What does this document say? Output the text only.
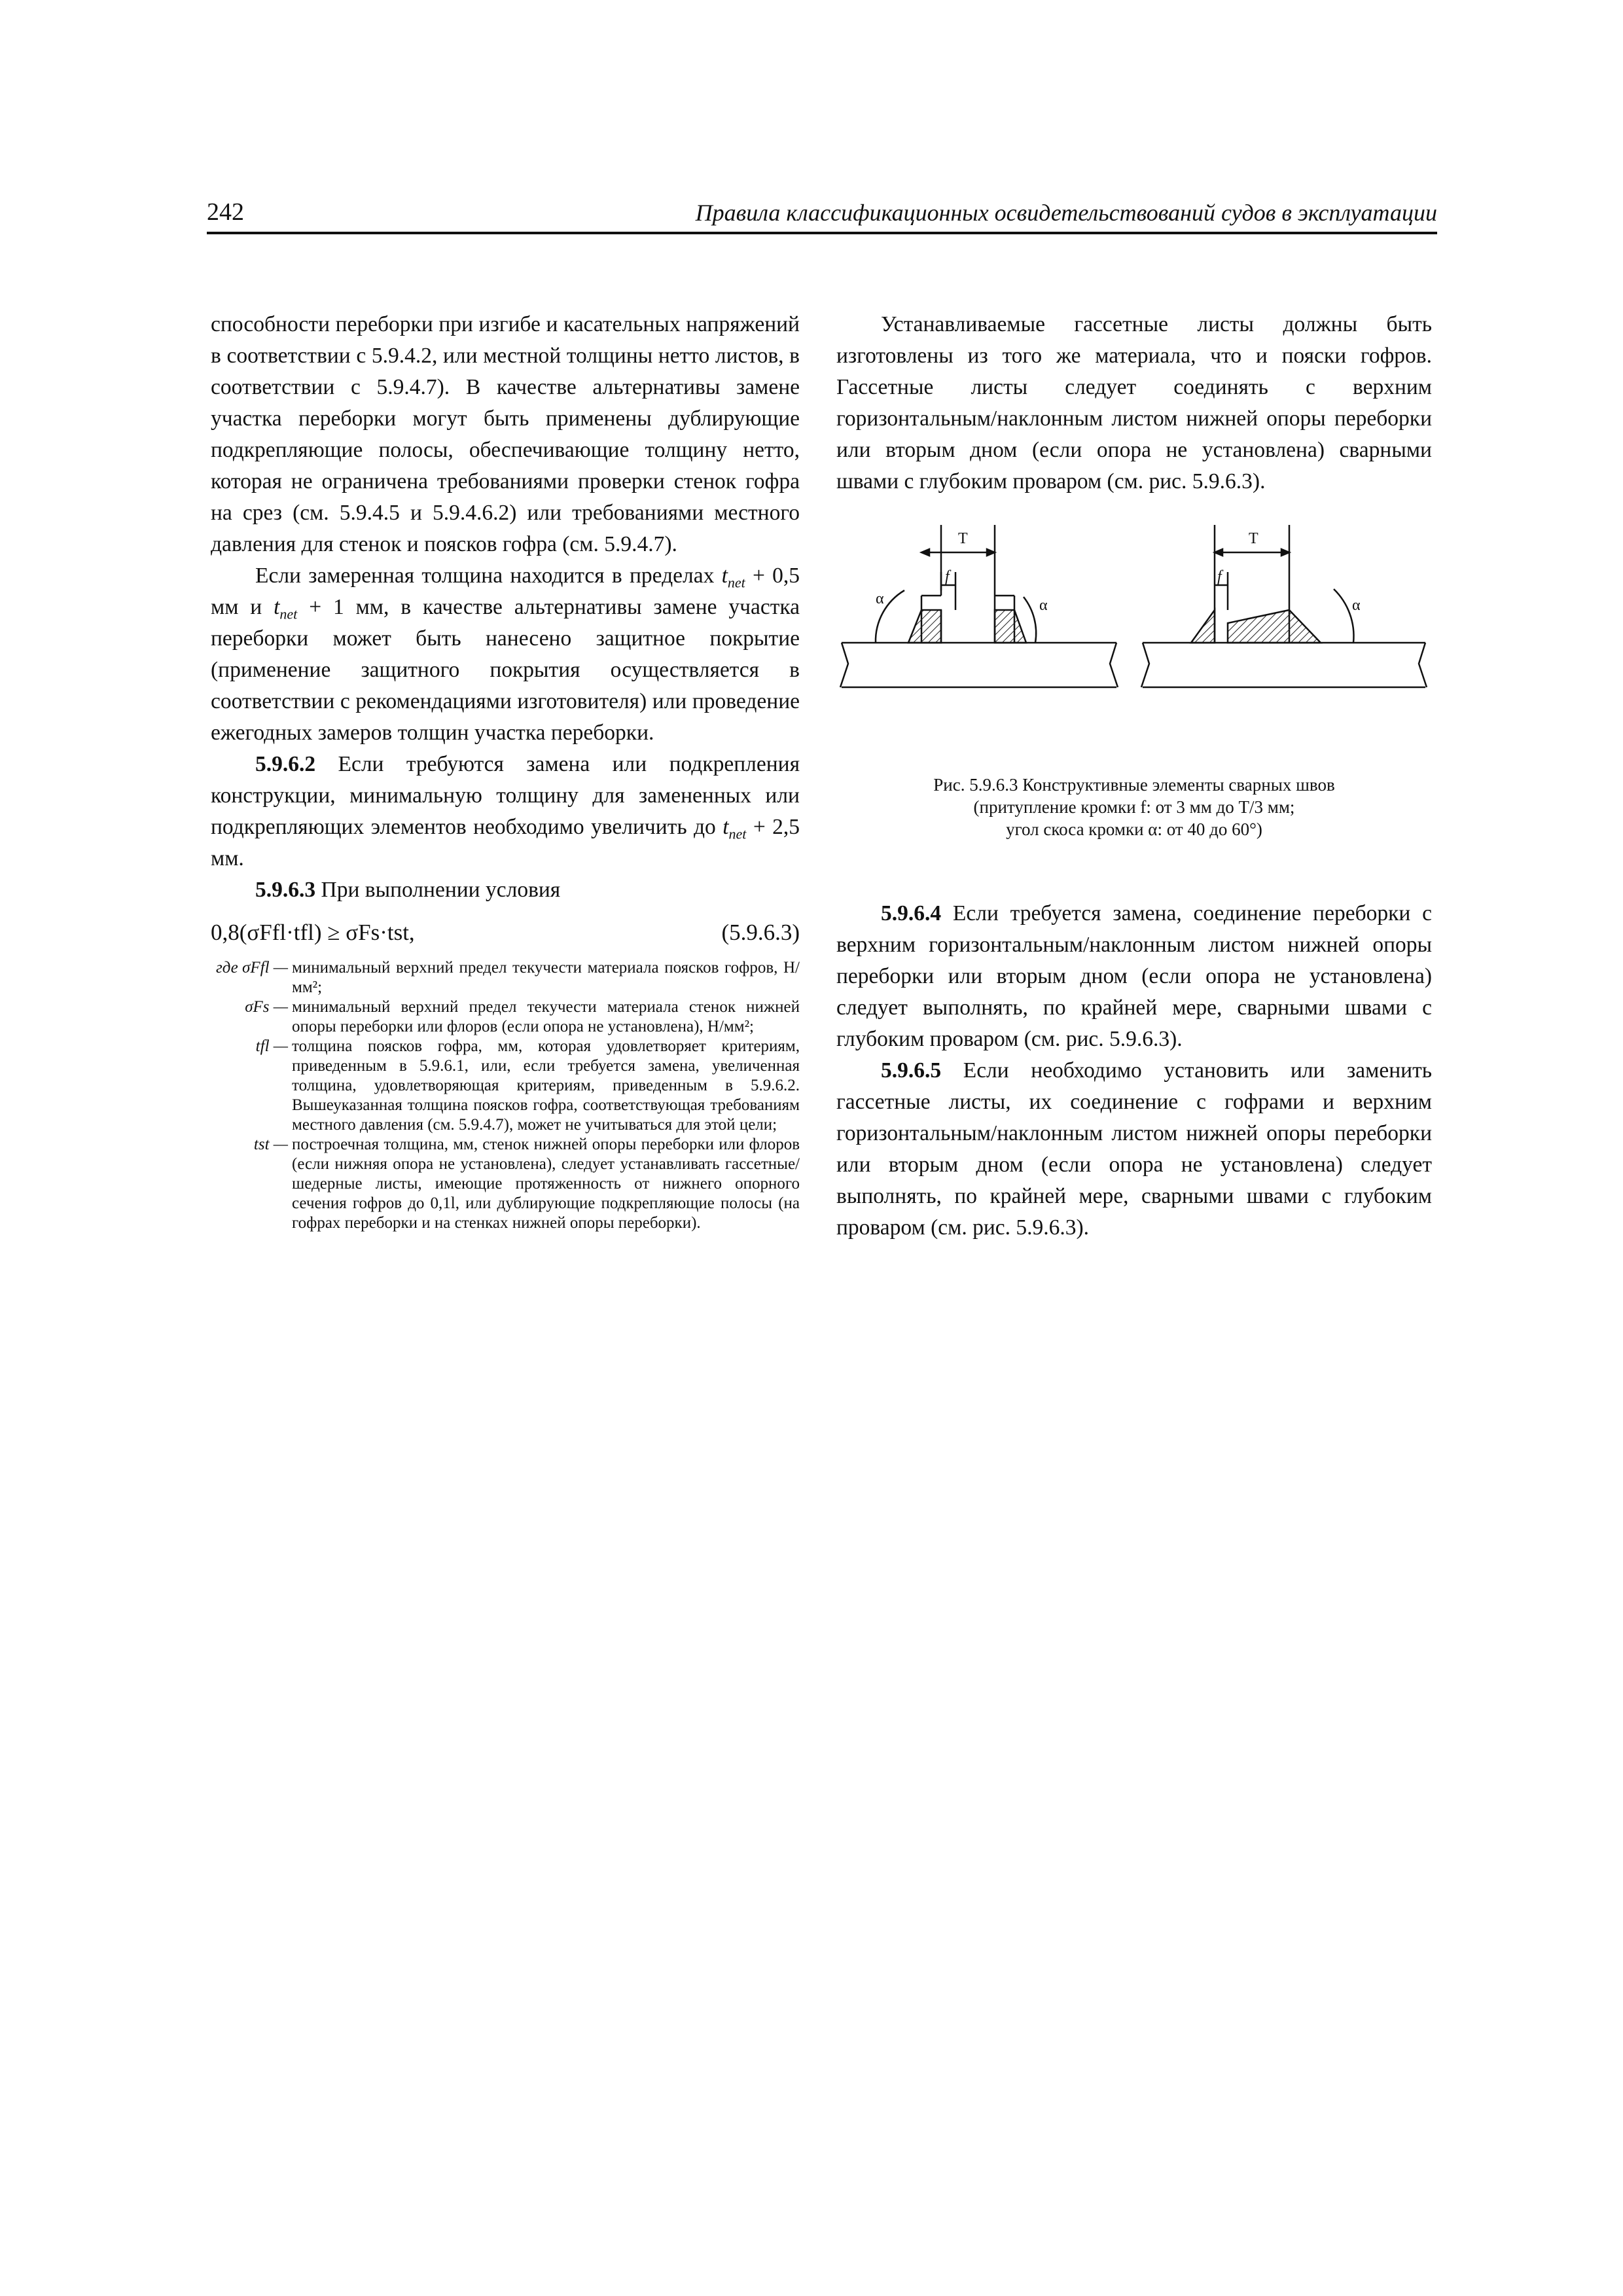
242	Правила классификационных освидетельствований судов в эксплуатации

способности переборки при изгибе и касательных напряжений в соответствии с 5.9.4.2, или местной толщины нетто листов, в соответствии с 5.9.4.7). В качестве альтернативы замене участка переборки могут быть применены дублирующие подкрепляющие полосы, обеспечивающие толщину нетто, которая не ограничена требованиями проверки стенок гофра на срез (см. 5.9.4.5 и 5.9.4.6.2) или требованиями местного давления для стенок и поясков гофра (см. 5.9.4.7).

Если замеренная толщина находится в пределах $t_{net} + 0,5$ мм и $t_{net} + 1$ мм, в качестве альтернативы замене участка переборки может быть нанесено защитное покрытие (применение защитного покрытия осуществляется в соответствии с рекомендациями изготовителя) или проведение ежегодных замеров толщин участка переборки.

5.9.6.2 Если требуются замена или подкрепления конструкции, минимальную толщину для замененных или подкрепляющих элементов необходимо увеличить до $t_{net} + 2,5$ мм.

5.9.6.3 При выполнении условия

0,8(σFfl·tfl) ≥ σFs·tst,	(5.9.6.3)
где σFfl — минимальный верхний предел текучести материала поясков гофров, Н/мм²;
σFs — минимальный верхний предел текучести материала стенок нижней опоры переборки или флоров (если опора не установлена), Н/мм²;
tfl — толщина поясков гофра, мм, которая удовлетворяет критериям, приведенным в 5.9.6.1, или, если требуется замена, увеличенная толщина, удовлетворяющая критериям, приведенным в 5.9.6.2. Вышеуказанная толщина поясков гофра, соответствующая требованиям местного давления (см. 5.9.4.7), может не учитываться для этой цели;
tst — построечная толщина, мм, стенок нижней опоры переборки или флоров (если нижняя опора не установлена), следует устанавливать гассетные/шедерные листы, имеющие протяженность от нижнего опорного сечения гофров до 0,1l, или дублирующие подкрепляющие полосы (на гофрах переборки и на стенках нижней опоры переборки).

Устанавливаемые гассетные листы должны быть изготовлены из того же материала, что и пояски гофров. Гассетные листы следует соединять с верхним горизонтальным/наклонным листом нижней опоры переборки или вторым дном (если опора не установлена) сварными швами с глубоким проваром (см. рис. 5.9.6.3).

T
f
α	α
T
f
α
Рис. 5.9.6.3 Конструктивные элементы сварных швов
(притупление кромки f: от 3 мм до T/3 мм;
угол скоса кромки α: от 40 до 60°)

5.9.6.4 Если требуется замена, соединение переборки с верхним горизонтальным/наклонным листом нижней опоры переборки или вторым дном (если опора не установлена) следует выполнять, по крайней мере, сварными швами с глубоким проваром (см. рис. 5.9.6.3).

5.9.6.5 Если необходимо установить или заменить гассетные листы, их соединение с гофрами и верхним горизонтальным/наклонным листом нижней опоры переборки или вторым дном (если опора не установлена) следует выполнять, по крайней мере, сварными швами с глубоким проваром (см. рис. 5.9.6.3).
